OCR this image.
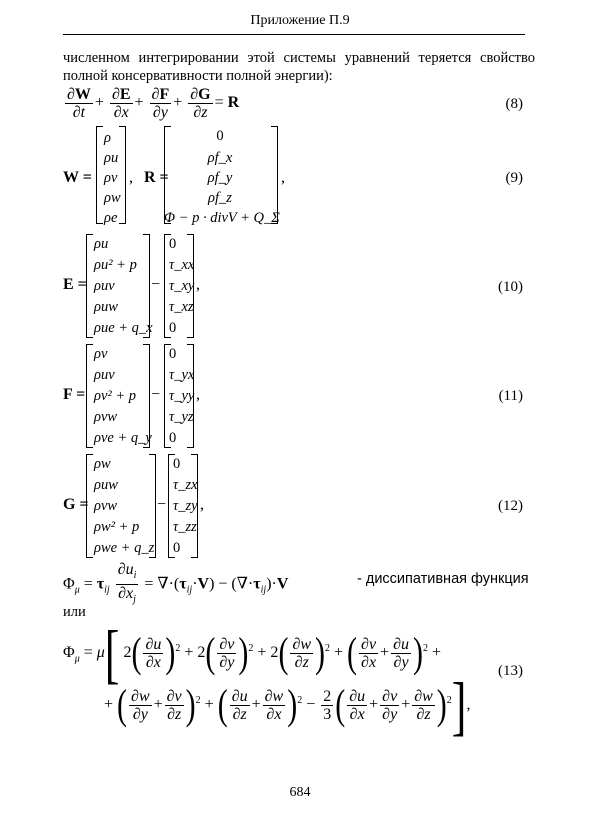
Приложение П.9
численном интегрировании этой системы уравнений теряется свойство
полной консервативности полной энергии):
$\frac{\partial W}{\partial t} + \frac{\partial E}{\partial x} + \frac{\partial F}{\partial y} + \frac{\partial G}{\partial z} = R$	(8)
W =
ρ
ρu
ρv
ρw
ρe
, R =
0
ρf_x
ρf_y
ρf_z
Φ − p · divV + Q_Σ
,	(9)
E =
ρu
ρu² + p
ρuv
ρuw
ρue + q_x
−
0
τ_xx
τ_xy
τ_xz
0
,	(10)
F =
ρv
ρuv
ρv² + p
ρvw
ρve + q_y
−
0
τ_yx
τ_yy
τ_yz
0
,	(11)
G =
ρw
ρuw
ρvw
ρw² + p
ρwe + q_z
−
0
τ_zx
τ_zy
τ_zz
0
,	(12)
$\Phi_\mu = \tau_{ij} \frac{\partial u_i}{\partial x_j} = \nabla\cdot(\tau_{ij}\cdot V) - (\nabla\cdot\tau_{ij})\cdot V$	- диссипативная функция
или
$\Phi_\mu = \mu$[ $2( \frac{\partial u}{\partial x} )^2 + 2( \frac{\partial v}{\partial y} )^2 + 2( \frac{\partial w}{\partial z} )^2$ + ( $\frac{\partial v}{\partial x} + \frac{\partial u}{\partial y} )^2$ +
(13)
+ ( $\frac{\partial w}{\partial y} + \frac{\partial v}{\partial z} )^2$ + ( $\frac{\partial u}{\partial z} + \frac{\partial w}{\partial x} )^2 - \frac{2}{3}$ ( $\frac{\partial u}{\partial x} + \frac{\partial v}{\partial y} + \frac{\partial w}{\partial z} )^2$],
684
